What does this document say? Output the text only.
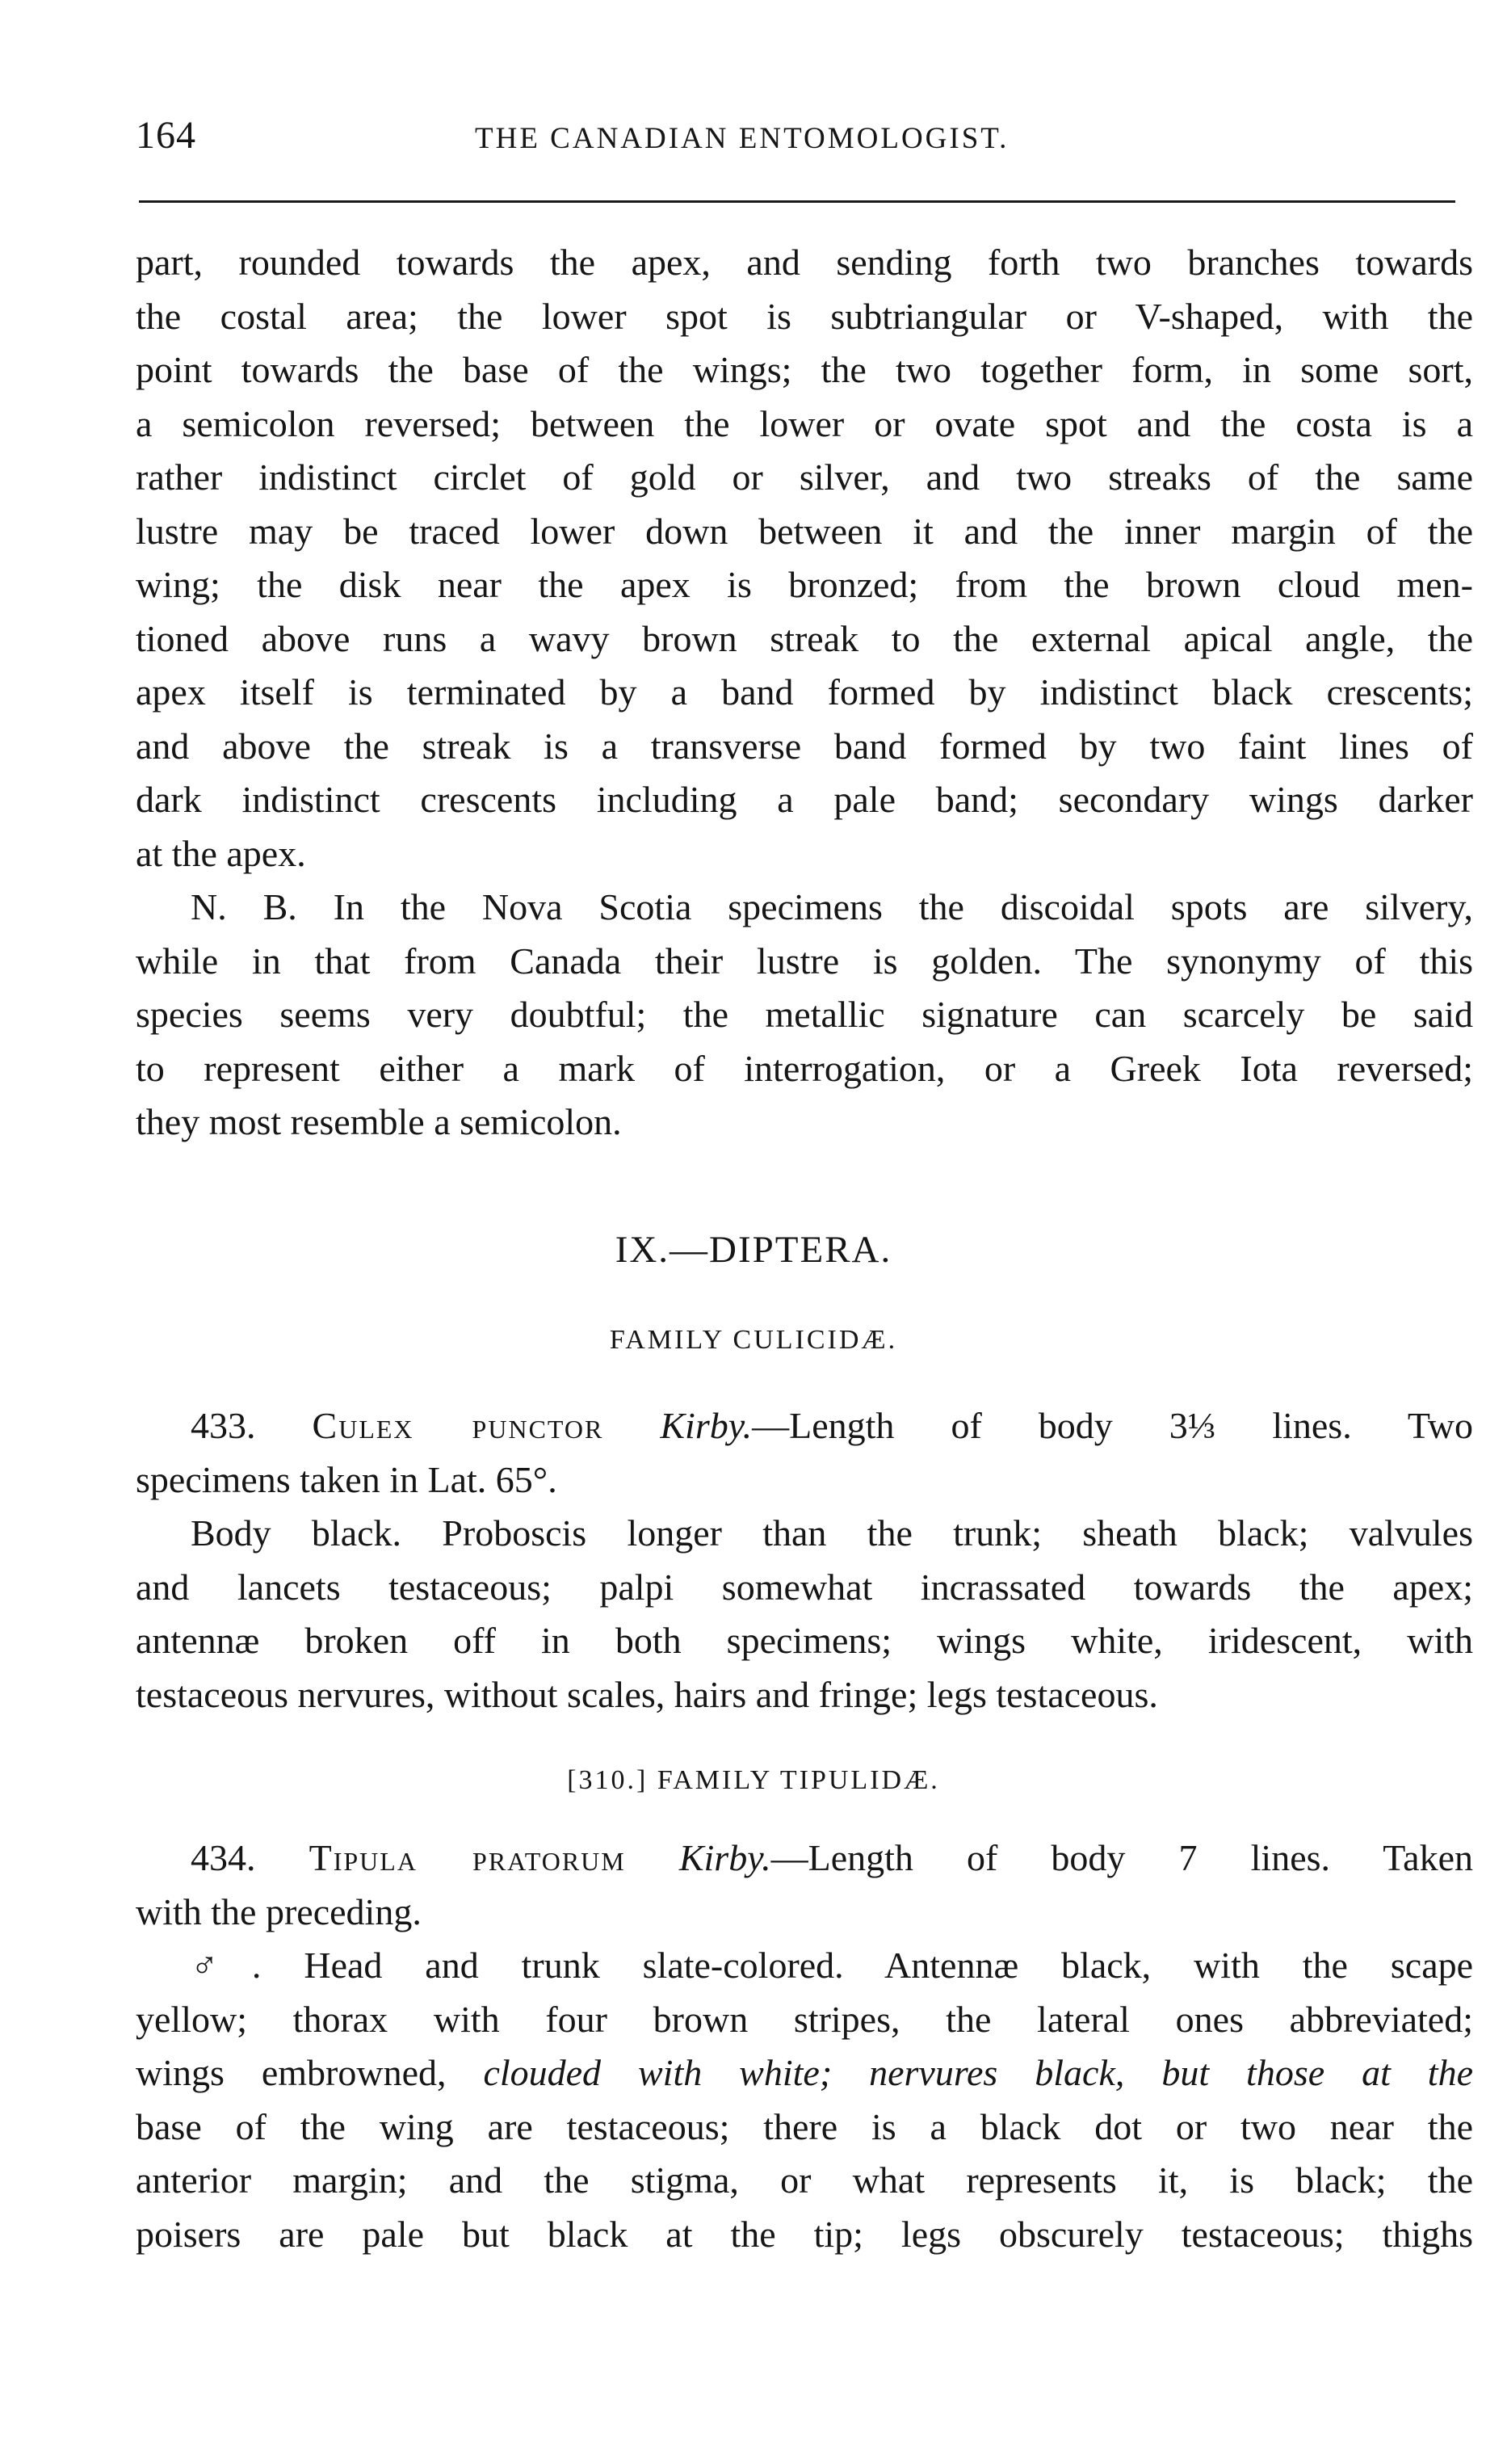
164	THE CANADIAN ENTOMOLOGIST.
part, rounded towards the apex, and sending forth two branches towards
the costal area; the lower spot is subtriangular or V-shaped, with the
point towards the base of the wings; the two together form, in some sort,
a semicolon reversed; between the lower or ovate spot and the costa is a
rather indistinct circlet of gold or silver, and two streaks of the same
lustre may be traced lower down between it and the inner margin of the
wing; the disk near the apex is bronzed; from the brown cloud men-
tioned above runs a wavy brown streak to the external apical angle, the
apex itself is terminated by a band formed by indistinct black crescents;
and above the streak is a transverse band formed by two faint lines of
dark indistinct crescents including a pale band; secondary wings darker
at the apex.
N. B. In the Nova Scotia specimens the discoidal spots are silvery,
while in that from Canada their lustre is golden. The synonymy of this
species seems very doubtful; the metallic signature can scarcely be said
to represent either a mark of interrogation, or a Greek Iota reversed;
they most resemble a semicolon.
IX.—DIPTERA.
FAMILY CULICIDÆ.
433. Culex punctor Kirby.—Length of body 3⅓ lines. Two
specimens taken in Lat. 65°.
Body black. Proboscis longer than the trunk; sheath black; valvules
and lancets testaceous; palpi somewhat incrassated towards the apex;
antennæ broken off in both specimens; wings white, iridescent, with
testaceous nervures, without scales, hairs and fringe; legs testaceous.
[310.] FAMILY TIPULIDÆ.
434. Tipula pratorum Kirby.—Length of body 7 lines. Taken
with the preceding.
♂. Head and trunk slate-colored. Antennæ black, with the scape
yellow; thorax with four brown stripes, the lateral ones abbreviated;
wings embrowned, clouded with white; nervures black, but those at the
base of the wing are testaceous; there is a black dot or two near the
anterior margin; and the stigma, or what represents it, is black; the
poisers are pale but black at the tip; legs obscurely testaceous; thighs
